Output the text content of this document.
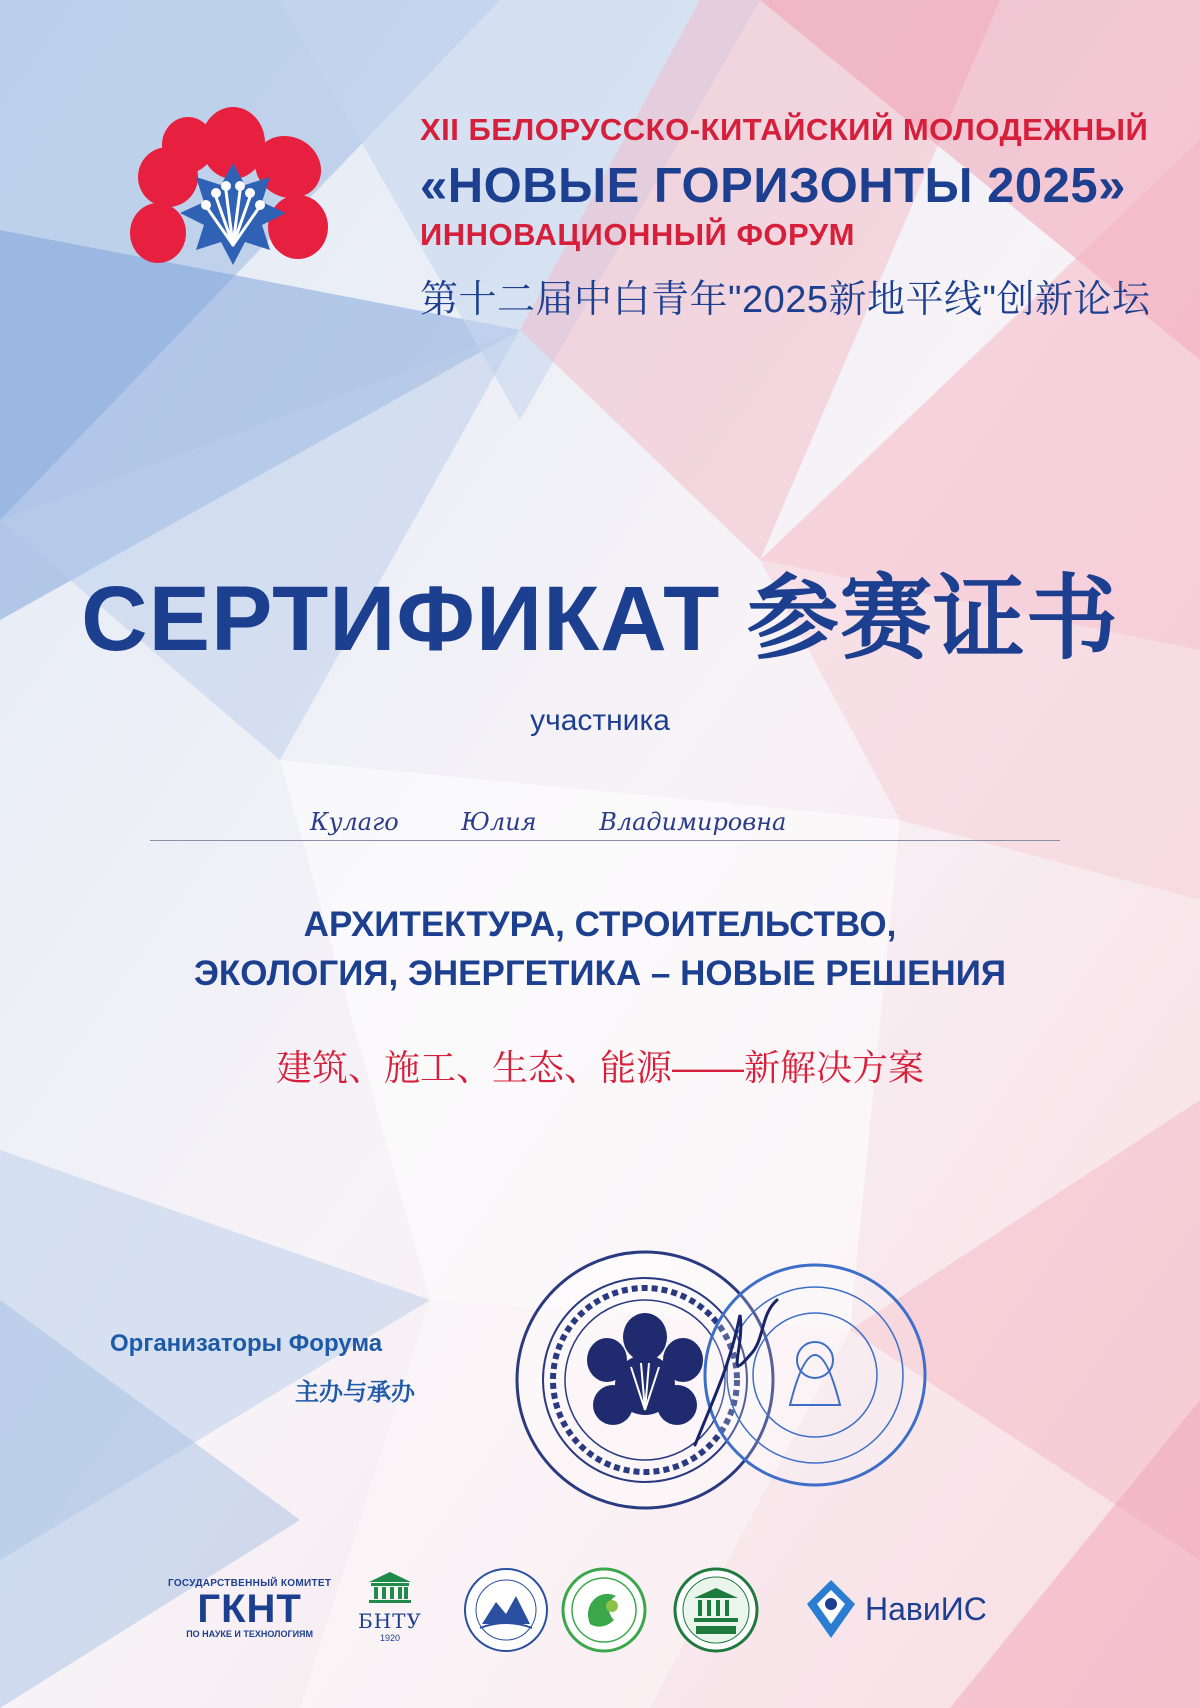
XII БЕЛОРУССКО-КИТАЙСКИЙ МОЛОДЕЖНЫЙ
«НОВЫЕ ГОРИЗОНТЫ 2025»
ИННОВАЦИОННЫЙ ФОРУМ
第十二届中白青年"2025新地平线"创新论坛
СЕРТИФИКАТ 参赛证书
участника
Кулаго Юлия Владимировна
АРХИТЕКТУРА, СТРОИТЕЛЬСТВО,
ЭКОЛОГИЯ, ЭНЕРГЕТИКА – НОВЫЕ РЕШЕНИЯ
建筑、施工、生态、能源——新解决方案
Организаторы Форума
主办与承办
ГОСУДАРСТВЕННЫЙ КОМИТЕТ
ГКНТ
ПО НАУКЕ И ТЕХНОЛОГИЯМ
БНТУ
1920
НавиИС
